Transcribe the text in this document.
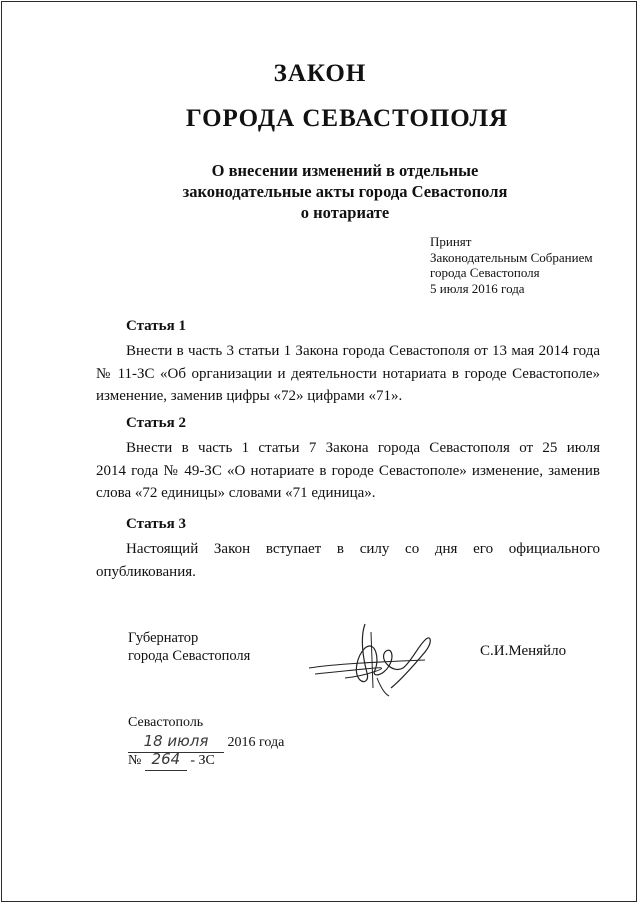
ЗАКОН
ГОРОДА СЕВАСТОПОЛЯ
О внесении изменений в отдельные
законодательные акты города Севастополя
о нотариате
Принят
Законодательным Собранием
города Севастополя
5 июля 2016 года
Статья 1
Внести в часть 3 статьи 1 Закона города Севастополя от 13 мая 2014 года
№ 11-ЗС «Об организации и деятельности нотариата в городе Севастополе»
изменение, заменив цифры «72» цифрами «71».
Статья 2
Внести в часть 1 статьи 7 Закона города Севастополя от 25 июля
2014 года № 49-ЗС «О нотариате в городе Севастополе» изменение, заменив
слова «72 единицы» словами «71 единица».
Статья 3
Настоящий Закон вступает в силу со дня его официального
опубликования.
Губернатор
города Севастополя	С.И.Меняйло
Севастополь
18 июля 2016 года
№ 264 - ЗС
